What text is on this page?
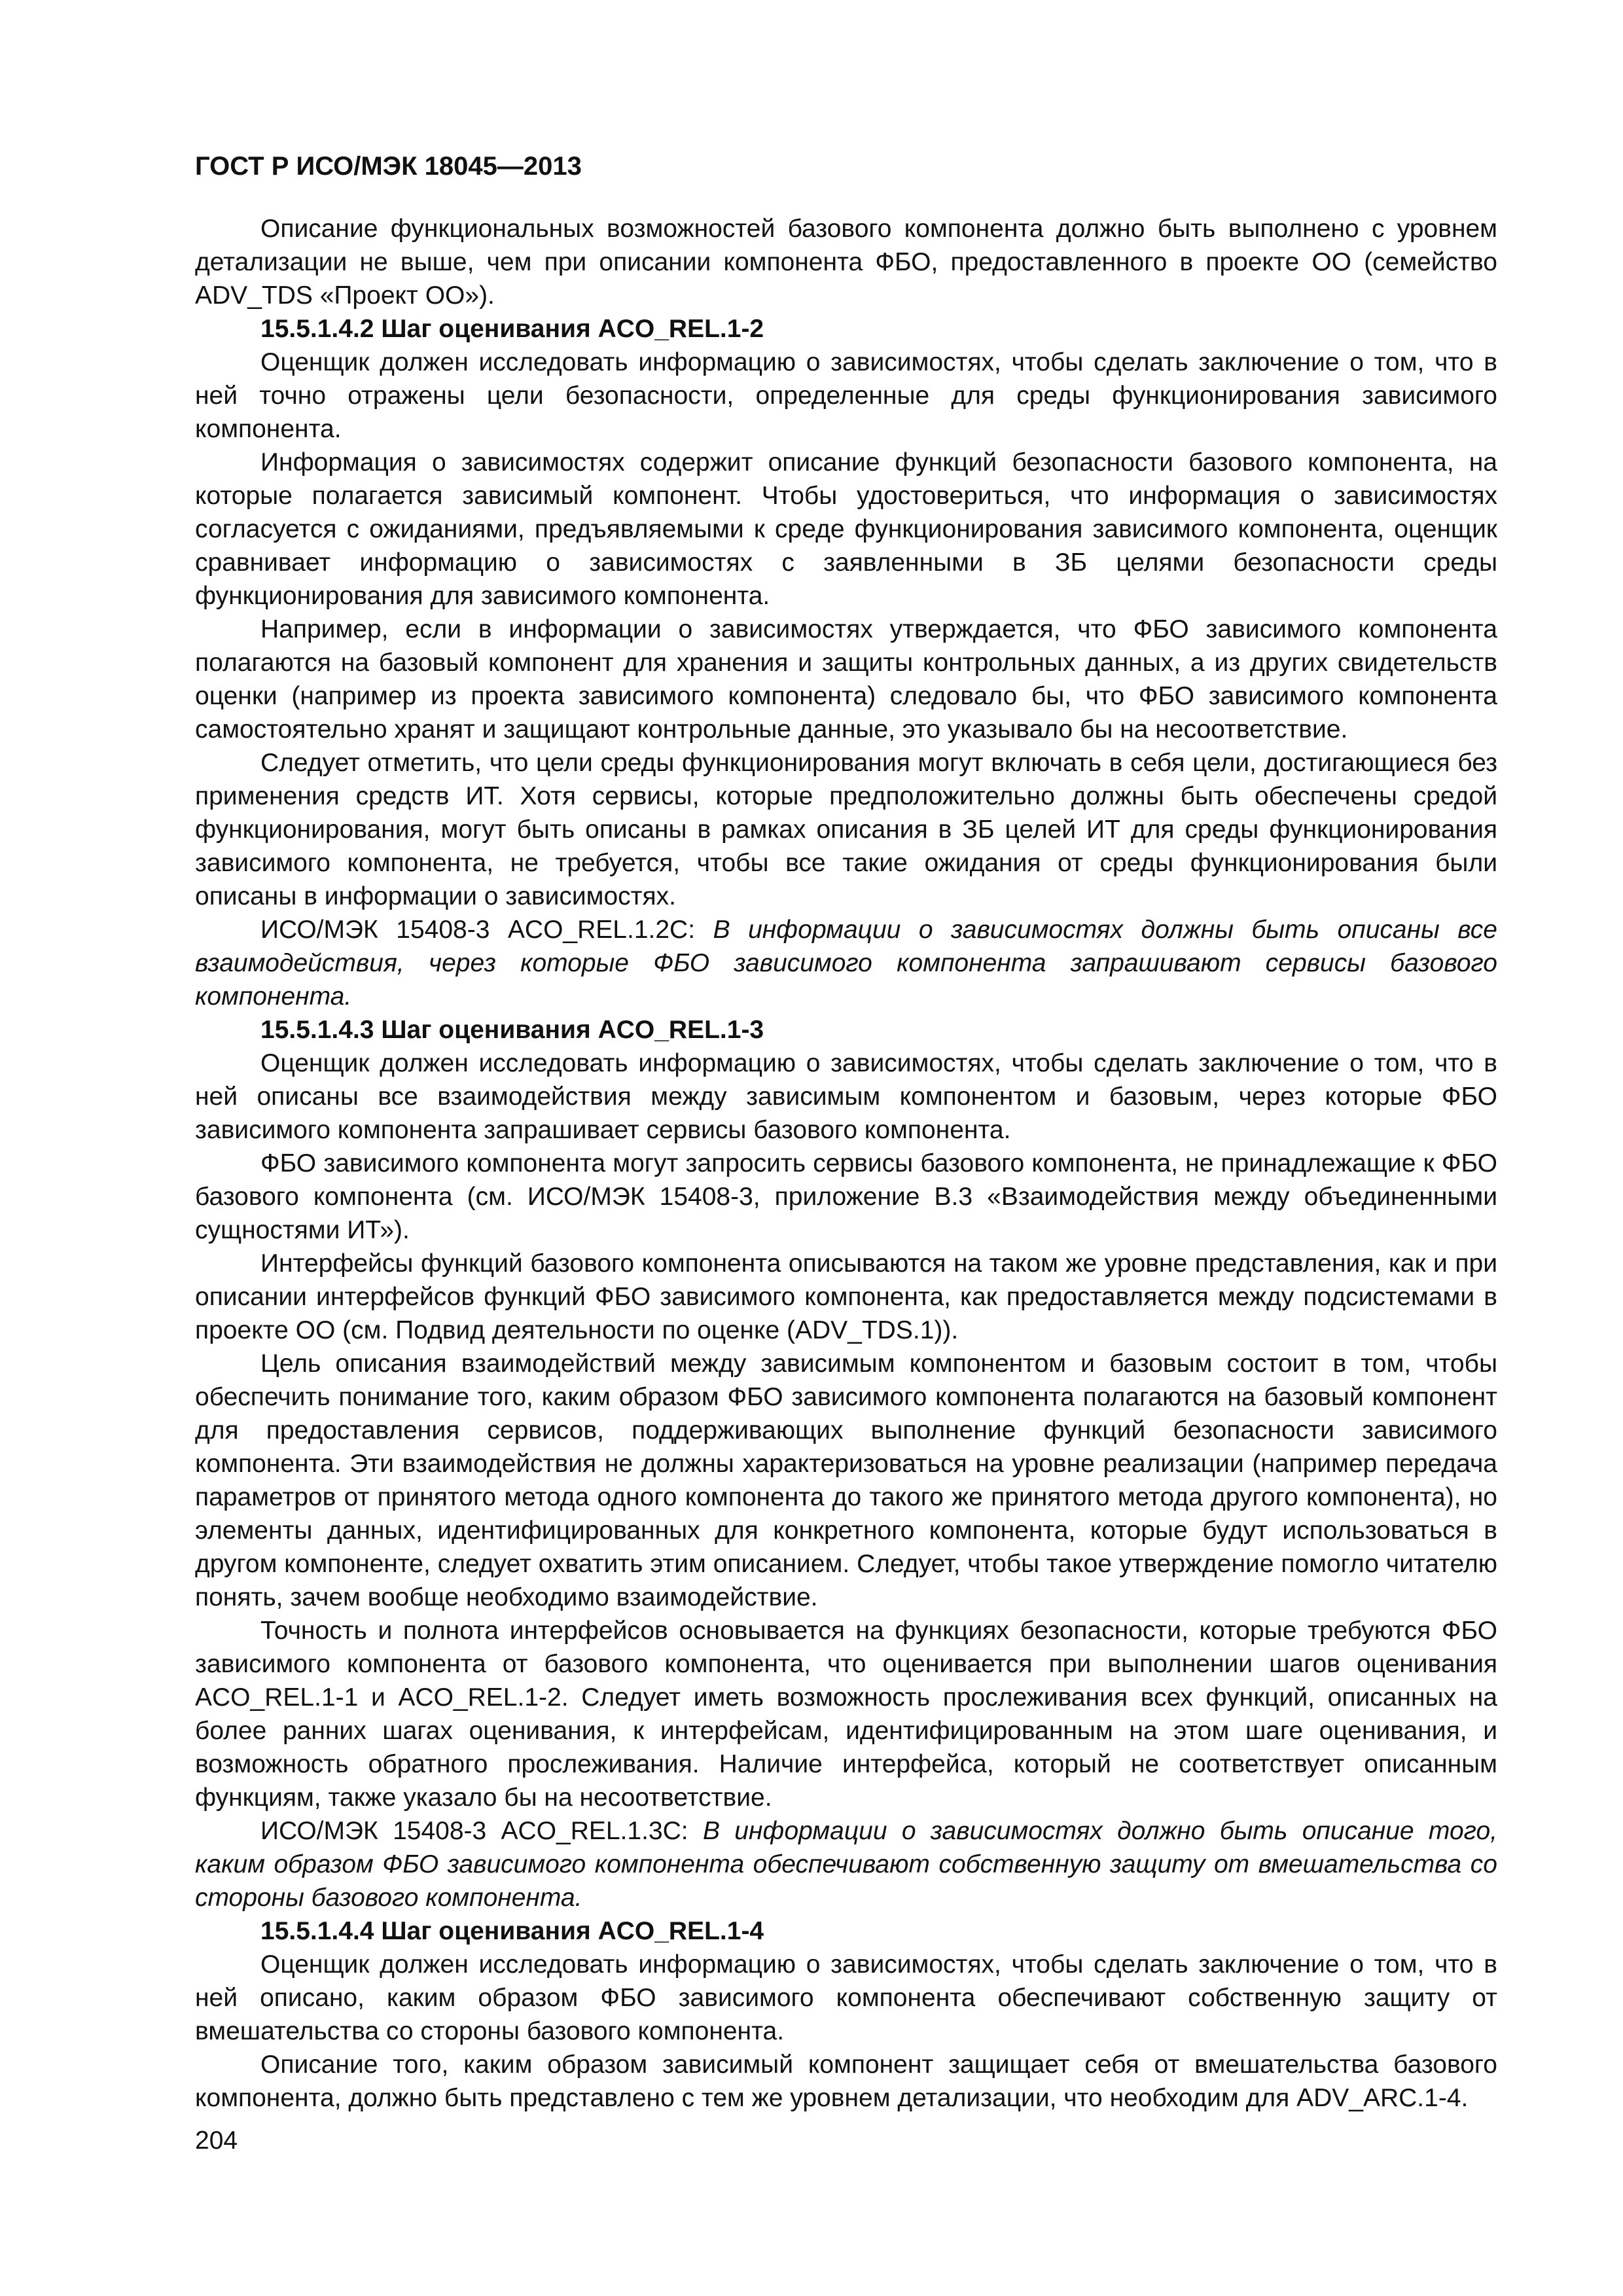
ГОСТ Р ИСО/МЭК 18045—2013

Описание функциональных возможностей базового компонента должно быть выполнено с уровнем детализации не выше, чем при описании компонента ФБО, предоставленного в проекте ОО (семейство ADV_TDS «Проект ОО»).

15.5.1.4.2 Шаг оценивания ACO_REL.1-2

Оценщик должен исследовать информацию о зависимостях, чтобы сделать заключение о том, что в ней точно отражены цели безопасности, определенные для среды функционирования зависимого компонента.

Информация о зависимостях содержит описание функций безопасности базового компонента, на которые полагается зависимый компонент. Чтобы удостовериться, что информация о зависимостях согласуется с ожиданиями, предъявляемыми к среде функционирования зависимого компонента, оценщик сравнивает информацию о зависимостях с заявленными в ЗБ целями безопасности среды функционирования для зависимого компонента.

Например, если в информации о зависимостях утверждается, что ФБО зависимого компонента полагаются на базовый компонент для хранения и защиты контрольных данных, а из других свидетельств оценки (например из проекта зависимого компонента) следовало бы, что ФБО зависимого компонента самостоятельно хранят и защищают контрольные данные, это указывало бы на несоответствие.

Следует отметить, что цели среды функционирования могут включать в себя цели, достигающиеся без применения средств ИТ. Хотя сервисы, которые предположительно должны быть обеспечены средой функционирования, могут быть описаны в рамках описания в ЗБ целей ИТ для среды функционирования зависимого компонента, не требуется, чтобы все такие ожидания от среды функционирования были описаны в информации о зависимостях.

ИСО/МЭК 15408-3 ACO_REL.1.2C: В информации о зависимостях должны быть описаны все взаимодействия, через которые ФБО зависимого компонента запрашивают сервисы базового компонента.

15.5.1.4.3 Шаг оценивания ACO_REL.1-3

Оценщик должен исследовать информацию о зависимостях, чтобы сделать заключение о том, что в ней описаны все взаимодействия между зависимым компонентом и базовым, через которые ФБО зависимого компонента запрашивает сервисы базового компонента.

ФБО зависимого компонента могут запросить сервисы базового компонента, не принадлежащие к ФБО базового компонента (см. ИСО/МЭК 15408-3, приложение В.3 «Взаимодействия между объединенными сущностями ИТ»).

Интерфейсы функций базового компонента описываются на таком же уровне представления, как и при описании интерфейсов функций ФБО зависимого компонента, как предоставляется между подсистемами в проекте ОО (см. Подвид деятельности по оценке (ADV_TDS.1)).

Цель описания взаимодействий между зависимым компонентом и базовым состоит в том, чтобы обеспечить понимание того, каким образом ФБО зависимого компонента полагаются на базовый компонент для предоставления сервисов, поддерживающих выполнение функций безопасности зависимого компонента. Эти взаимодействия не должны характеризоваться на уровне реализации (например передача параметров от принятого метода одного компонента до такого же принятого метода другого компонента), но элементы данных, идентифицированных для конкретного компонента, которые будут использоваться в другом компоненте, следует охватить этим описанием. Следует, чтобы такое утверждение помогло читателю понять, зачем вообще необходимо взаимодействие.

Точность и полнота интерфейсов основывается на функциях безопасности, которые требуются ФБО зависимого компонента от базового компонента, что оценивается при выполнении шагов оценивания ACO_REL.1-1 и ACO_REL.1-2. Следует иметь возможность прослеживания всех функций, описанных на более ранних шагах оценивания, к интерфейсам, идентифицированным на этом шаге оценивания, и возможность обратного прослеживания. Наличие интерфейса, который не соответствует описанным функциям, также указало бы на несоответствие.

ИСО/МЭК 15408-3 ACO_REL.1.3C: В информации о зависимостях должно быть описание того, каким образом ФБО зависимого компонента обеспечивают собственную защиту от вмешательства со стороны базового компонента.

15.5.1.4.4 Шаг оценивания ACO_REL.1-4

Оценщик должен исследовать информацию о зависимостях, чтобы сделать заключение о том, что в ней описано, каким образом ФБО зависимого компонента обеспечивают собственную защиту от вмешательства со стороны базового компонента.

Описание того, каким образом зависимый компонент защищает себя от вмешательства базового компонента, должно быть представлено с тем же уровнем детализации, что необходим для ADV_ARC.1-4.

204
